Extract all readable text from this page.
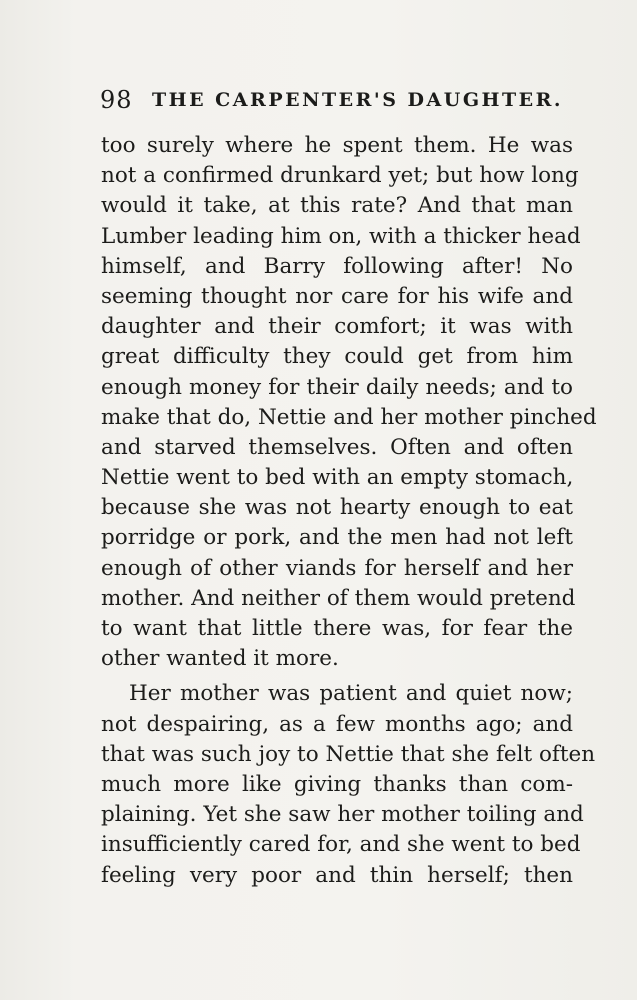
98 THE CARPENTER'S DAUGHTER.
too surely where he spent them. He was
not a confirmed drunkard yet; but how long
would it take, at this rate? And that man
Lumber leading him on, with a thicker head
himself, and Barry following after! No
seeming thought nor care for his wife and
daughter and their comfort; it was with
great difficulty they could get from him
enough money for their daily needs; and to
make that do, Nettie and her mother pinched
and starved themselves. Often and often
Nettie went to bed with an empty stomach,
because she was not hearty enough to eat
porridge or pork, and the men had not left
enough of other viands for herself and her
mother. And neither of them would pretend
to want that little there was, for fear the
other wanted it more.
Her mother was patient and quiet now;
not despairing, as a few months ago; and
that was such joy to Nettie that she felt often
much more like giving thanks than com-
plaining. Yet she saw her mother toiling and
insufficiently cared for, and she went to bed
feeling very poor and thin herself; then
